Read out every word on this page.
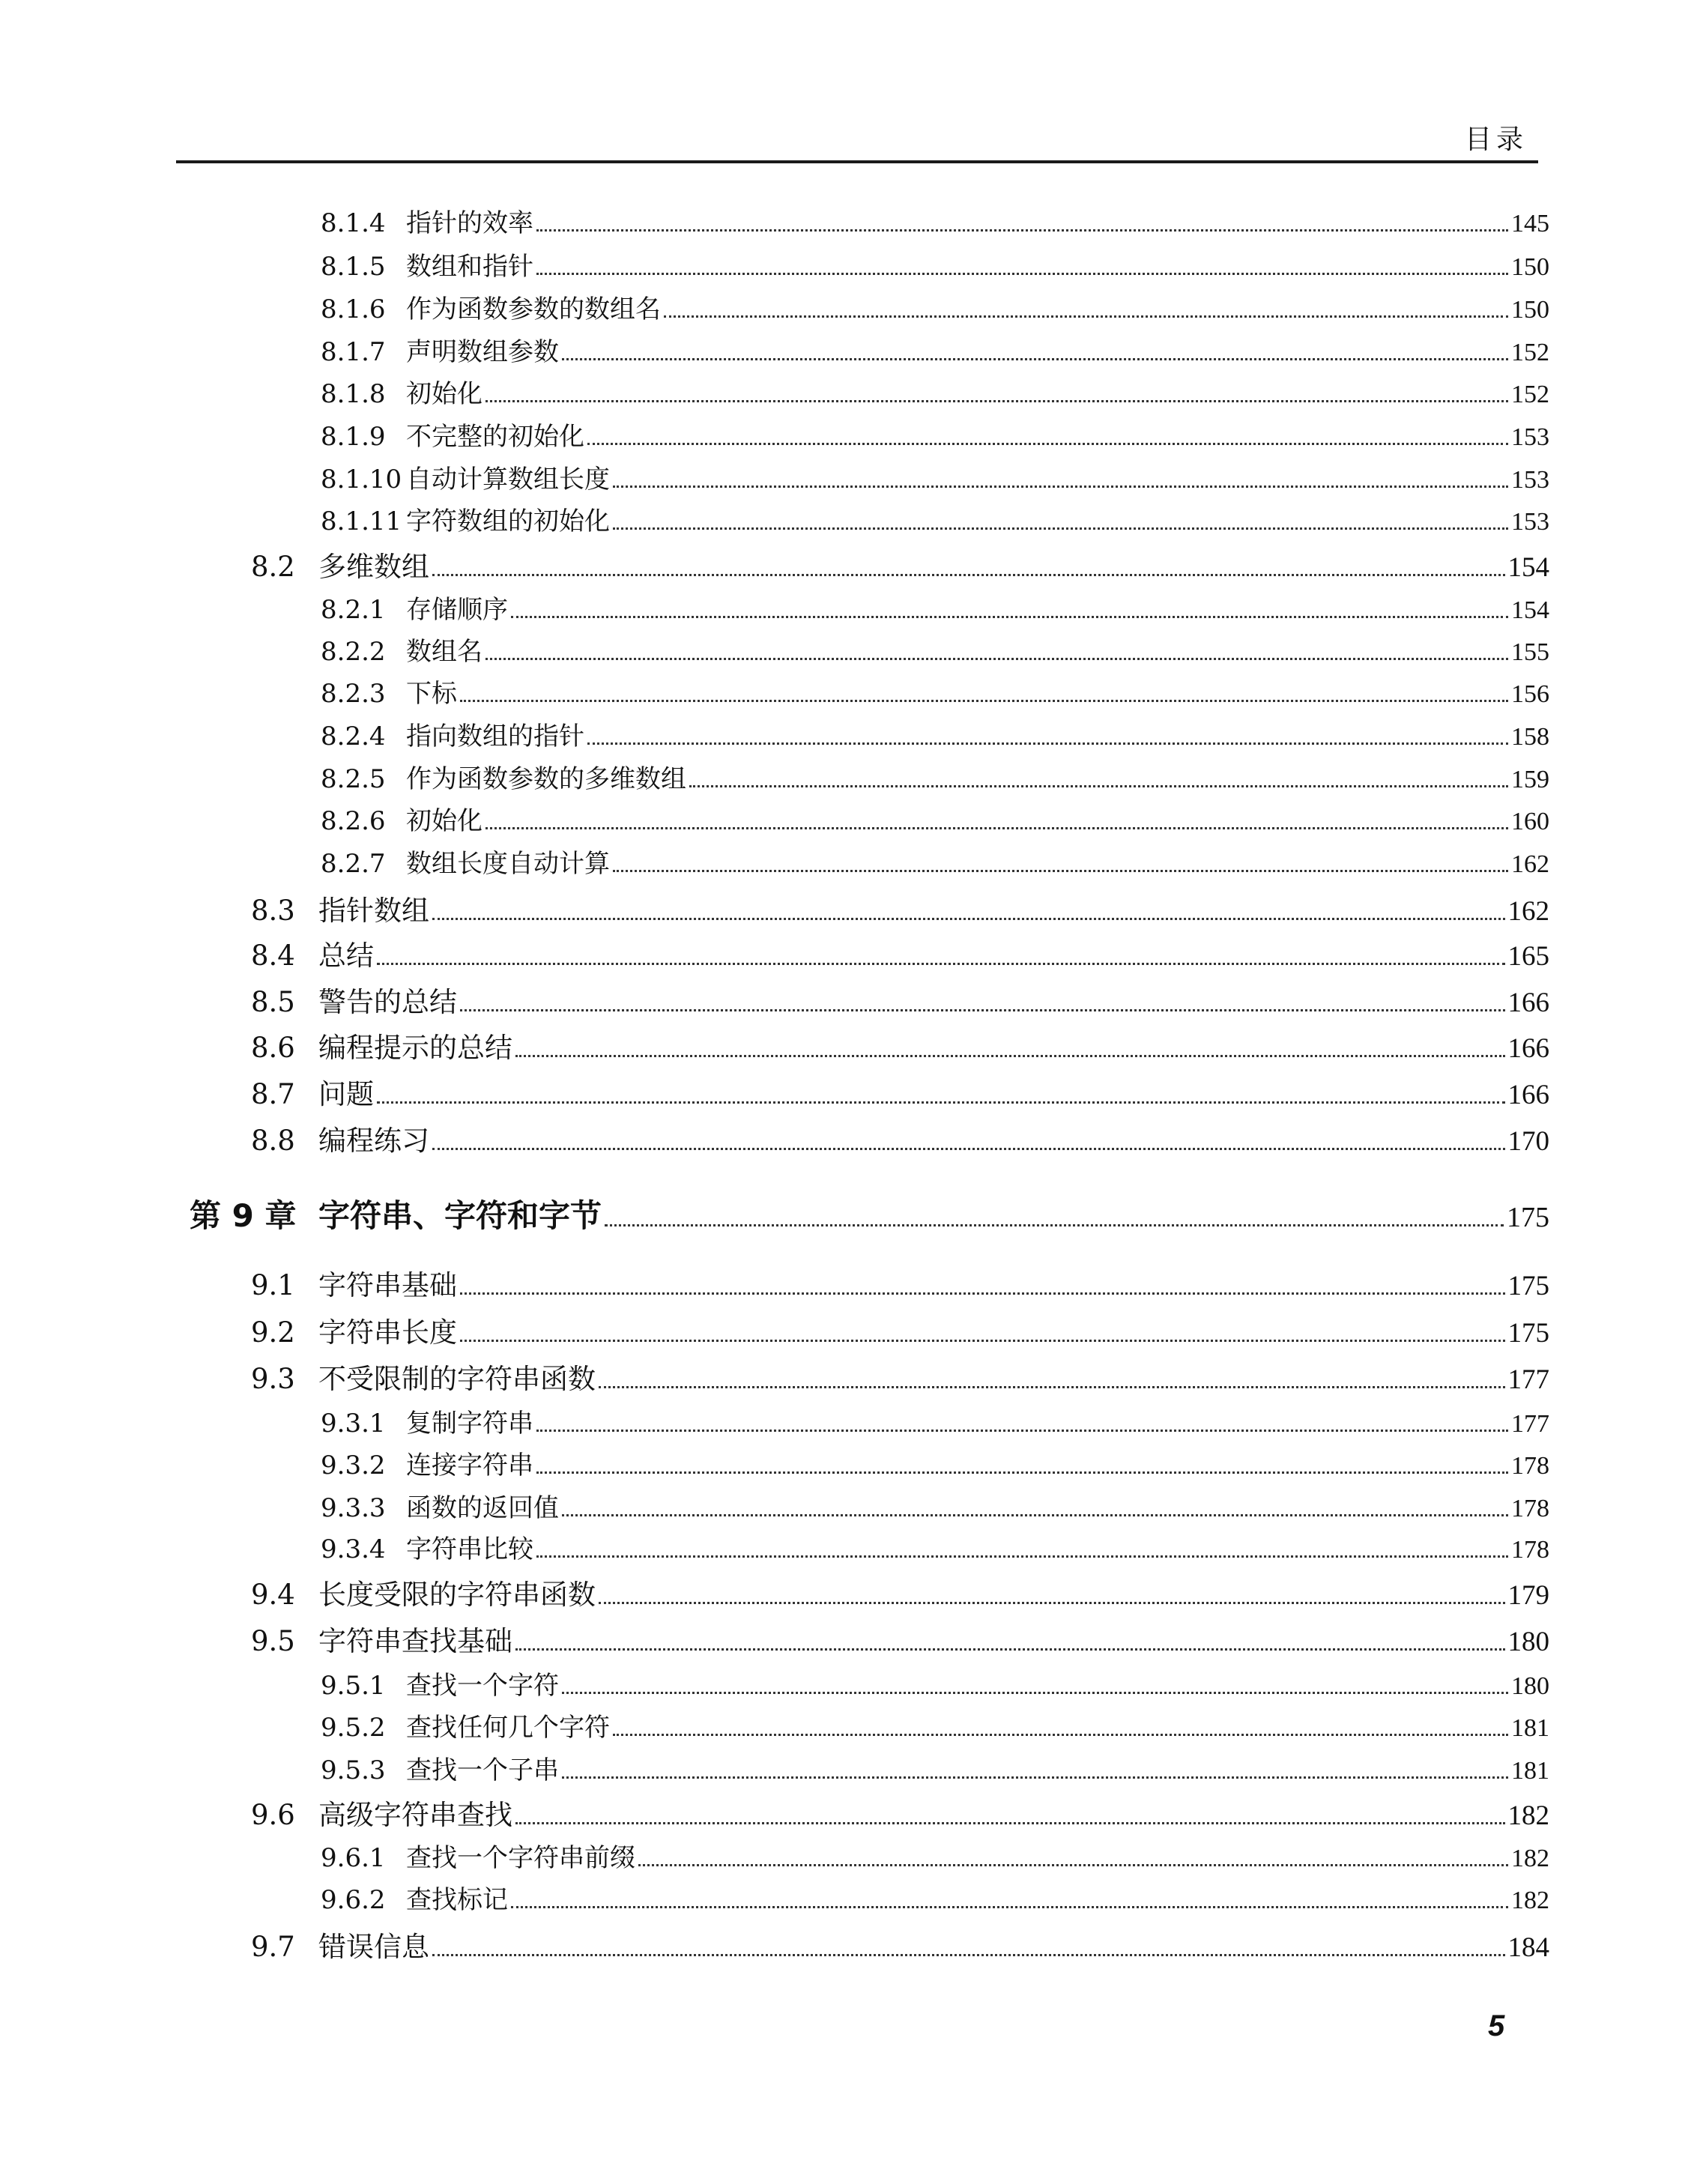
目录
8.1.4 指针的效率	145
8.1.5 数组和指针	150
8.1.6 作为函数参数的数组名	150
8.1.7 声明数组参数	152
8.1.8 初始化	152
8.1.9 不完整的初始化	153
8.1.10 自动计算数组长度	153
8.1.11 字符数组的初始化	153
8.2 多维数组	154
8.2.1 存储顺序	154
8.2.2 数组名	155
8.2.3 下标	156
8.2.4 指向数组的指针	158
8.2.5 作为函数参数的多维数组	159
8.2.6 初始化	160
8.2.7 数组长度自动计算	162
8.3 指针数组	162
8.4 总结	165
8.5 警告的总结	166
8.6 编程提示的总结	166
8.7 问题	166
8.8 编程练习	170
第 9 章 字符串、字符和字节	175
9.1 字符串基础	175
9.2 字符串长度	175
9.3 不受限制的字符串函数	177
9.3.1 复制字符串	177
9.3.2 连接字符串	178
9.3.3 函数的返回值	178
9.3.4 字符串比较	178
9.4 长度受限的字符串函数	179
9.5 字符串查找基础	180
9.5.1 查找一个字符	180
9.5.2 查找任何几个字符	181
9.5.3 查找一个子串	181
9.6 高级字符串查找	182
9.6.1 查找一个字符串前缀	182
9.6.2 查找标记	182
9.7 错误信息	184
5
